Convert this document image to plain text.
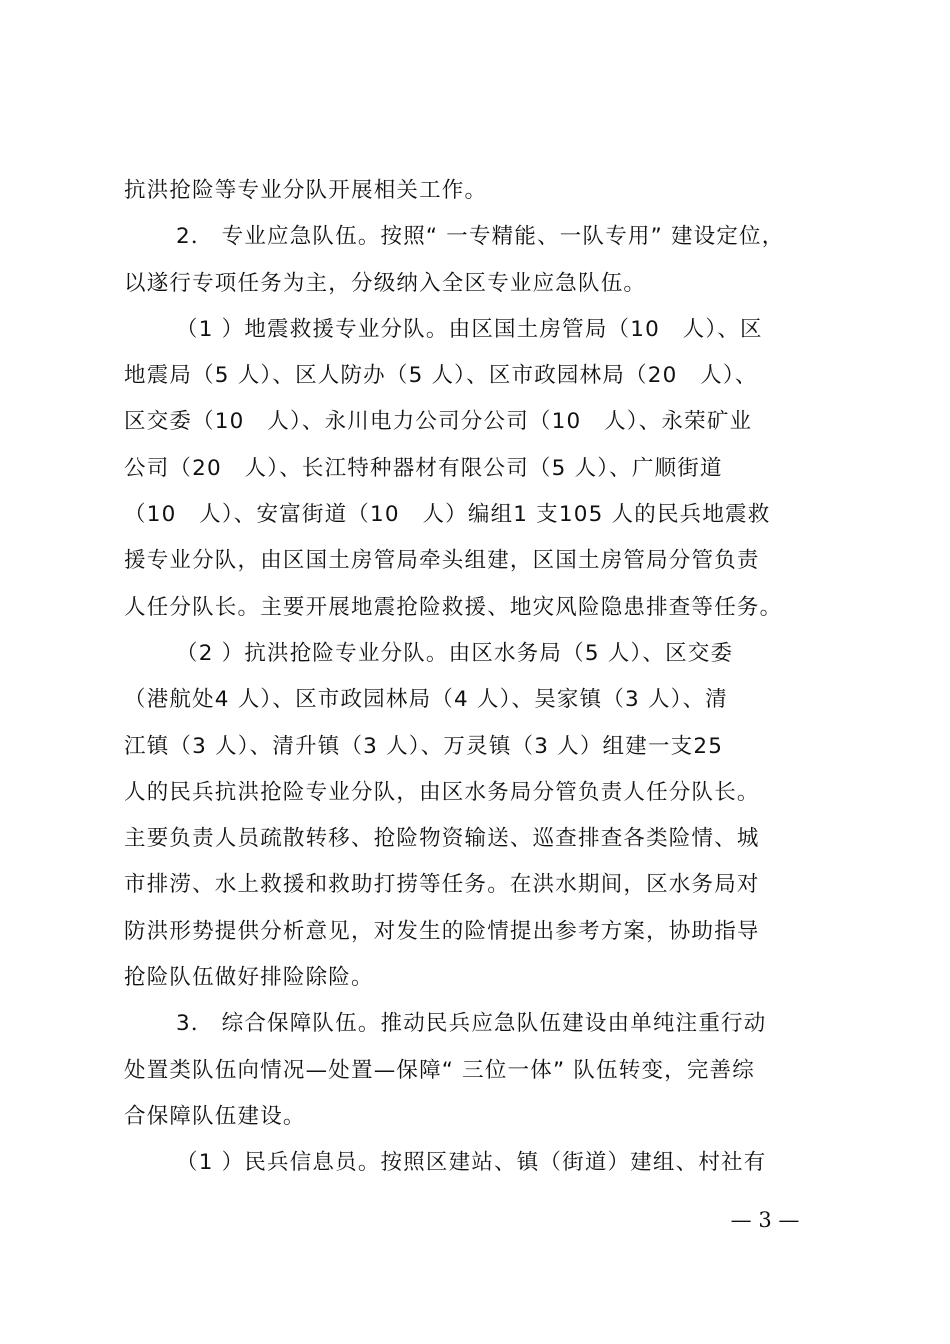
抗洪抢险等专业分队开展相关工作。
2． 专业应急队伍。按照“ 一专精能、一队专用” 建设定位，
以遂行专项任务为主，分级纳入全区专业应急队伍。
（1 ）地震救援专业分队。由区国土房管局（10　人）、区
地震局（5 人）、区人防办（5 人）、区市政园林局（20　人）、
区交委（10　人）、永川电力公司分公司（10　人）、永荣矿业
公司（20　人）、长江特种器材有限公司（5 人）、广顺街道
（10　人）、安富街道（10　人）编组1 支105 人的民兵地震救
援专业分队，由区国土房管局牵头组建，区国土房管局分管负责
人任分队长。主要开展地震抢险救援、地灾风险隐患排查等任务。
（2 ）抗洪抢险专业分队。由区水务局（5 人）、区交委
（港航处4 人）、区市政园林局（4 人）、吴家镇（3 人）、清
江镇（3 人）、清升镇（3 人）、万灵镇（3 人）组建一支25
人的民兵抗洪抢险专业分队，由区水务局分管负责人任分队长。
主要负责人员疏散转移、抢险物资输送、巡查排查各类险情、城
市排涝、水上救援和救助打捞等任务。在洪水期间，区水务局对
防洪形势提供分析意见，对发生的险情提出参考方案，协助指导
抢险队伍做好排险除险。
3． 综合保障队伍。推动民兵应急队伍建设由单纯注重行动
处置类队伍向情况—处置—保障“ 三位一体” 队伍转变，完善综
合保障队伍建设。
（1 ）民兵信息员。按照区建站、镇（街道）建组、村社有
— 3 —
